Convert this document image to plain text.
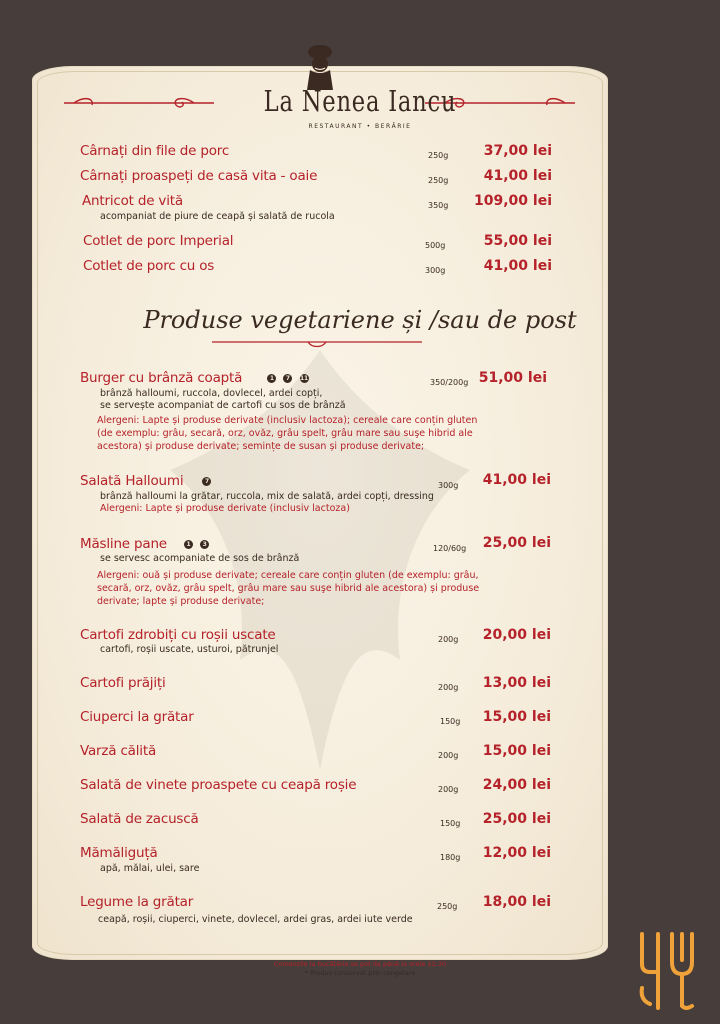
La Nenea Iancu
RESTAURANT • BERĂRIE
Cârnați din file de porc	250g	37,00 lei
Cârnați proaspeți de casă vita - oaie	250g	41,00 lei
Antricot de vită	350g	109,00 lei
acompaniat de piure de ceapă și salată de rucola
Cotlet de porc Imperial	500g	55,00 lei
Cotlet de porc cu os	300g	41,00 lei
Produse vegetariene și /sau de post
Burger cu brânză coaptă	1 7 11	350/200g 51,00 lei
brânză halloumi, ruccola, dovlecel, ardei copți,
se servește acompaniat de cartofi cu sos de brânză
Alergeni: Lapte și produse derivate (inclusiv lactoza); cereale care conțin gluten
(de exemplu: grâu, secară, orz, ovăz, grâu spelt, grâu mare sau suşe hibrid ale
acestora) și produse derivate; semințe de susan și produse derivate;
Salată Halloumi	7	300g	41,00 lei
brânză halloumi la grătar, ruccola, mix de salată, ardei copți, dressing
Alergeni: Lapte și produse derivate (inclusiv lactoza)
Măsline pane	1 3	120/60g	25,00 lei
se servesc acompaniate de sos de brânză
Alergeni: ouă și produse derivate; cereale care conțin gluten (de exemplu: grâu,
secară, orz, ovăz, grâu spelt, grâu mare sau suşe hibrid ale acestora) și produse
derivate; lapte și produse derivate;
Cartofi zdrobiți cu roșii uscate	200g	20,00 lei
cartofi, roșii uscate, usturoi, pătrunjel
Cartofi prăjiți	200g	13,00 lei
Ciuperci la grătar	150g	15,00 lei
Varză călită	200g	15,00 lei
Salată de vinete proaspete cu ceapă roșie	200g	24,00 lei
Salată de zacuscă	150g	25,00 lei
Mămăliguță	180g	12,00 lei
apă, mălai, ulei, sare
Legume la grătar	250g	18,00 lei
ceapă, roșii, ciuperci, vinete, dovlecel, ardei gras, ardei iute verde
Comenzile la bucătărie se pot da până la orele 22:30
* Produs conservat prin congelare
